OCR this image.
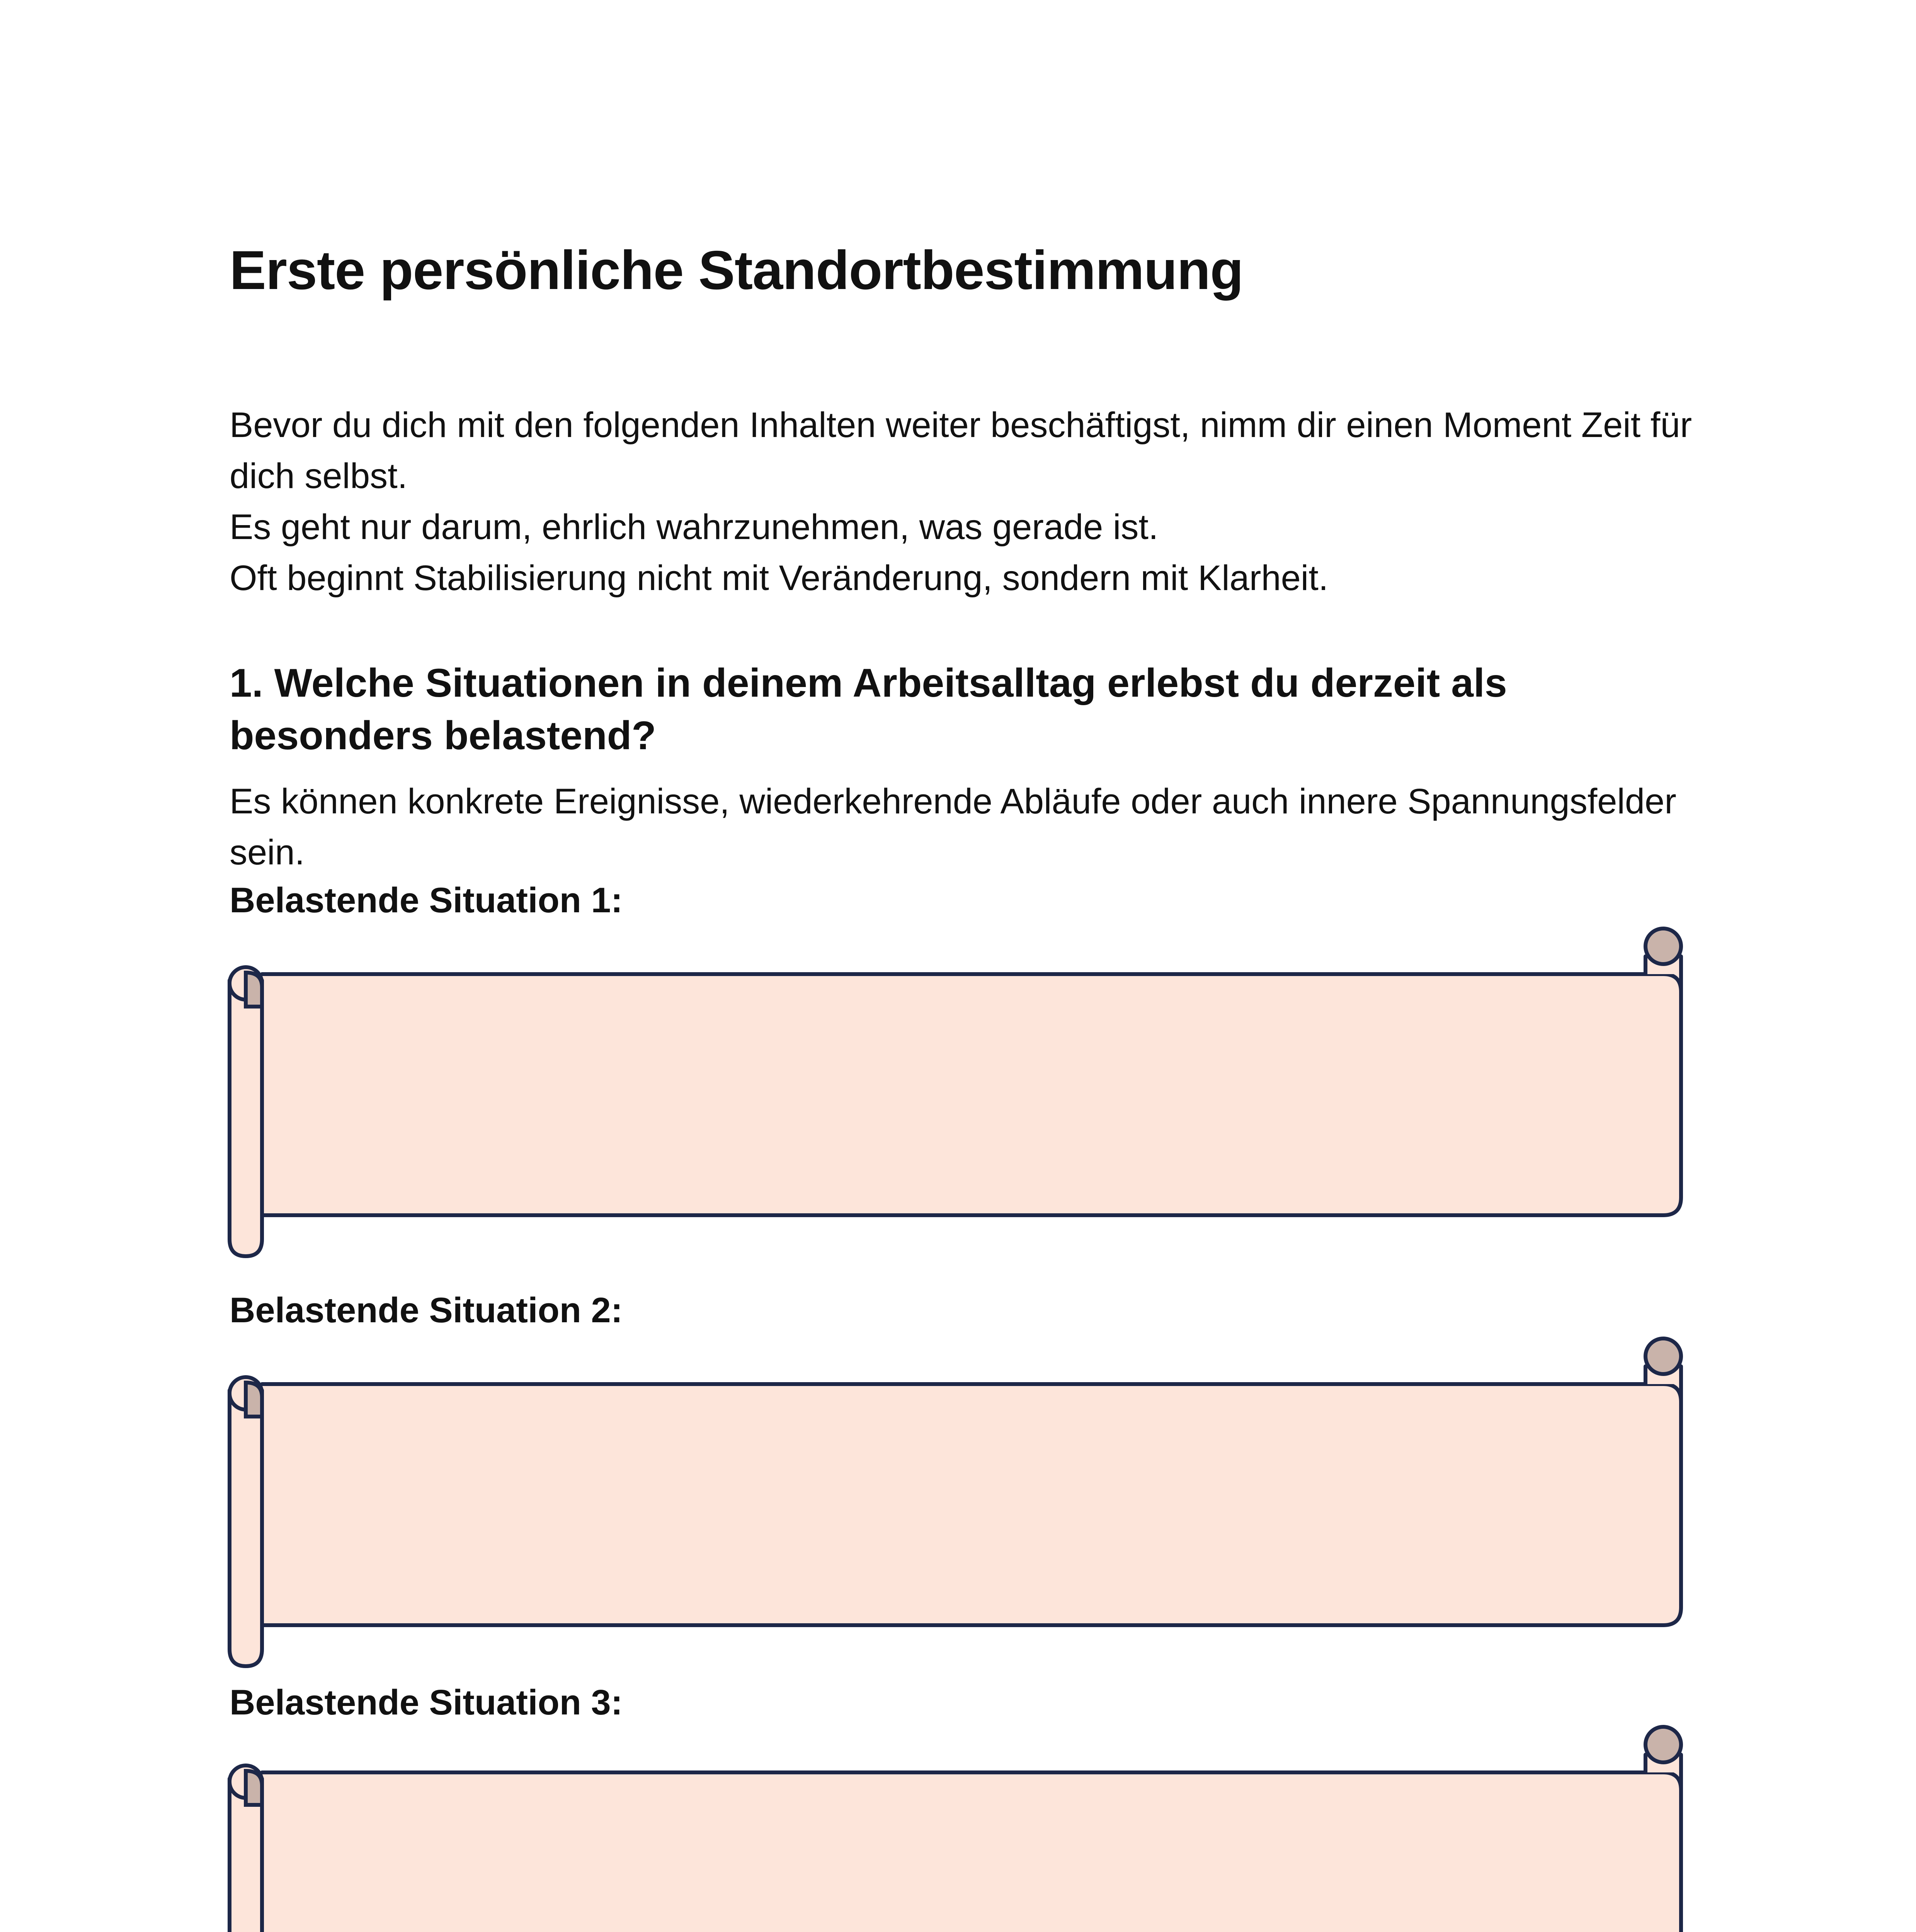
Erste persönliche Standortbestimmung

Bevor du dich mit den folgenden Inhalten weiter beschäftigst, nimm dir einen Moment Zeit für dich selbst.

Es geht nur darum, ehrlich wahrzunehmen, was gerade ist.

Oft beginnt Stabilisierung nicht mit Veränderung, sondern mit Klarheit.

1. Welche Situationen in deinem Arbeitsalltag erlebst du derzeit als besonders belastend?

Es können konkrete Ereignisse, wiederkehrende Abläufe oder auch innere Spannungsfelder sein.

Belastende Situation 1:

Belastende Situation 2:

Belastende Situation 3:
